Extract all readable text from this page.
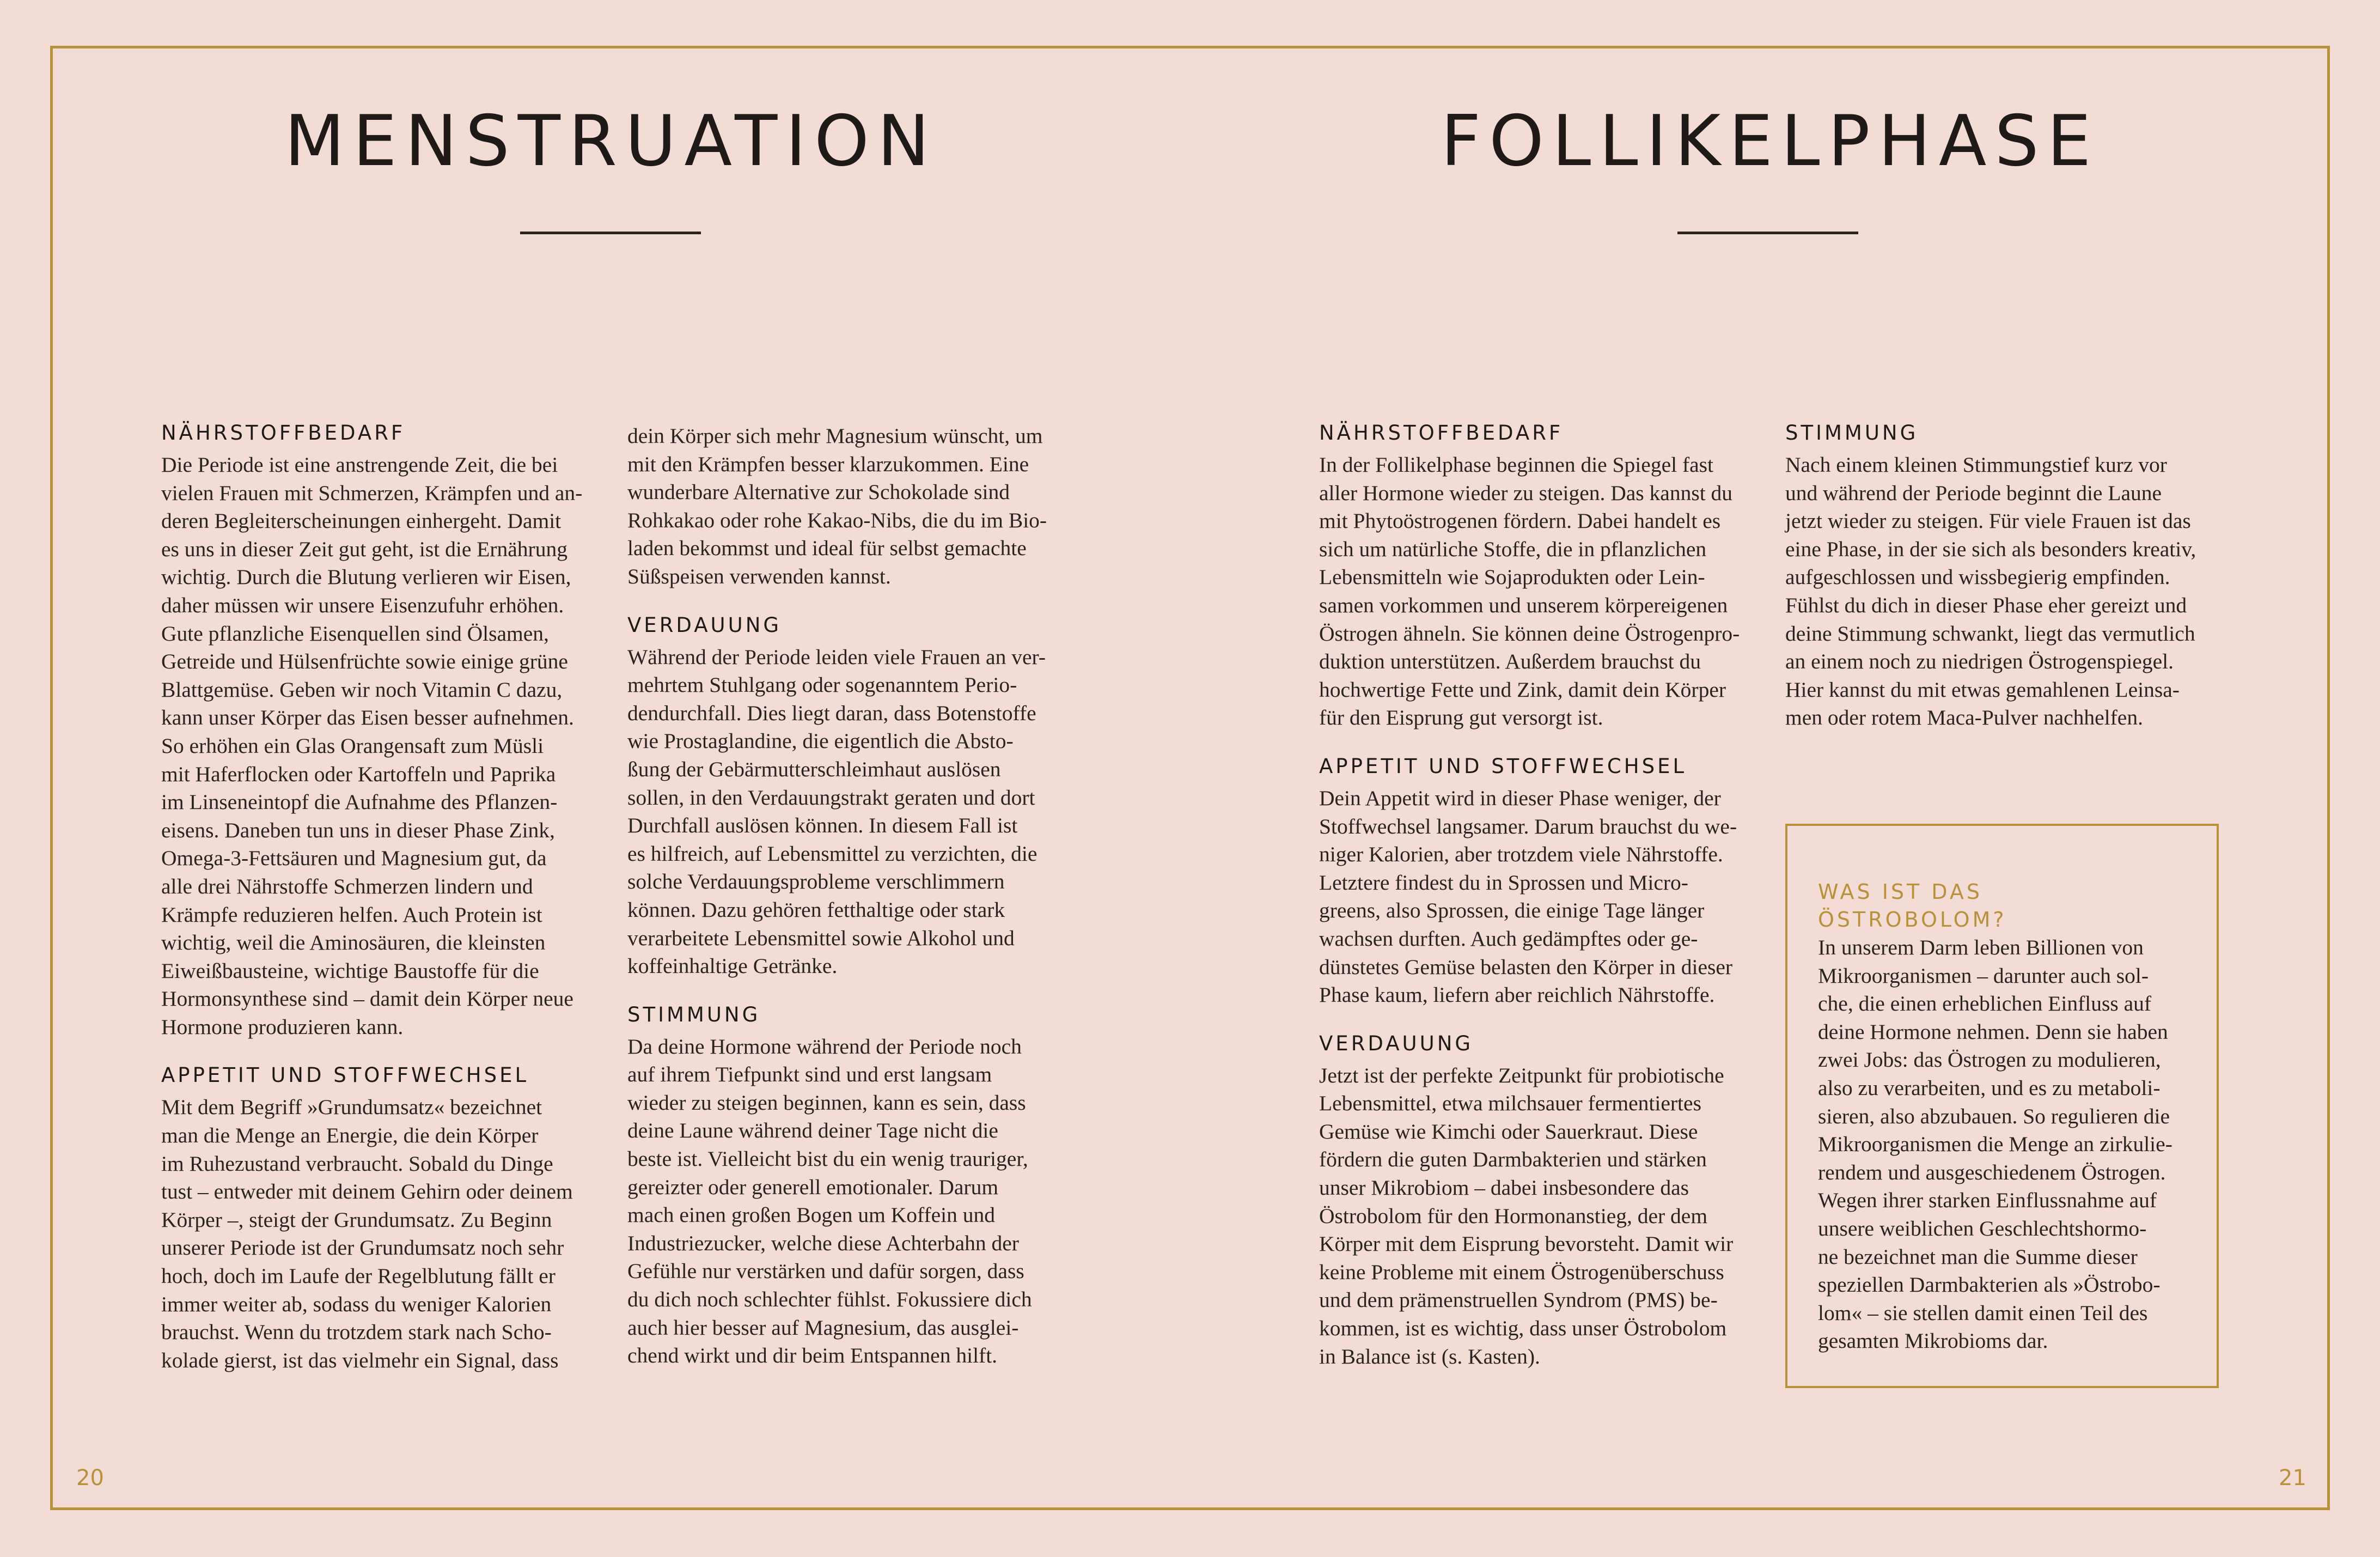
MENSTRUATION	FOLLIKELPHASE
NÄHRSTOFFBEDARF

Die Periode ist eine anstrengende Zeit, die bei
vielen Frauen mit Schmerzen, Krämpfen und an-
deren Begleiterscheinungen einhergeht. Damit
es uns in dieser Zeit gut geht, ist die Ernährung
wichtig. Durch die Blutung verlieren wir Eisen,
daher müssen wir unsere Eisenzufuhr erhöhen.
Gute pflanzliche Eisenquellen sind Ölsamen,
Getreide und Hülsenfrüchte sowie einige grüne
Blattgemüse. Geben wir noch Vitamin C dazu,
kann unser Körper das Eisen besser aufnehmen.
So erhöhen ein Glas Orangensaft zum Müsli
mit Haferflocken oder Kartoffeln und Paprika
im Linseneintopf die Aufnahme des Pflanzen-
eisens. Daneben tun uns in dieser Phase Zink,
Omega-3-Fettsäuren und Magnesium gut, da
alle drei Nährstoffe Schmerzen lindern und
Krämpfe reduzieren helfen. Auch Protein ist
wichtig, weil die Aminosäuren, die kleinsten
Eiweißbausteine, wichtige Baustoffe für die
Hormonsynthese sind – damit dein Körper neue
Hormone produzieren kann.

APPETIT UND STOFFWECHSEL

Mit dem Begriff »Grundumsatz« bezeichnet
man die Menge an Energie, die dein Körper
im Ruhezustand verbraucht. Sobald du Dinge
tust – entweder mit deinem Gehirn oder deinem
Körper –, steigt der Grundumsatz. Zu Beginn
unserer Periode ist der Grundumsatz noch sehr
hoch, doch im Laufe der Regelblutung fällt er
immer weiter ab, sodass du weniger Kalorien
brauchst. Wenn du trotzdem stark nach Scho-
kolade gierst, ist das vielmehr ein Signal, dass

dein Körper sich mehr Magnesium wünscht, um
mit den Krämpfen besser klarzukommen. Eine
wunderbare Alternative zur Schokolade sind
Rohkakao oder rohe Kakao-Nibs, die du im Bio-
laden bekommst und ideal für selbst gemachte
Süßspeisen verwenden kannst.

VERDAUUNG

Während der Periode leiden viele Frauen an ver-
mehrtem Stuhlgang oder sogenanntem Perio-
dendurchfall. Dies liegt daran, dass Botenstoffe
wie Prostaglandine, die eigentlich die Absto-
ßung der Gebärmutterschleimhaut auslösen
sollen, in den Verdauungstrakt geraten und dort
Durchfall auslösen können. In diesem Fall ist
es hilfreich, auf Lebensmittel zu verzichten, die
solche Verdauungsprobleme verschlimmern
können. Dazu gehören fetthaltige oder stark
verarbeitete Lebensmittel sowie Alkohol und
koffeinhaltige Getränke.

STIMMUNG

Da deine Hormone während der Periode noch
auf ihrem Tiefpunkt sind und erst langsam
wieder zu steigen beginnen, kann es sein, dass
deine Laune während deiner Tage nicht die
beste ist. Vielleicht bist du ein wenig trauriger,
gereizter oder generell emotionaler. Darum
mach einen großen Bogen um Koffein und
Industriezucker, welche diese Achterbahn der
Gefühle nur verstärken und dafür sorgen, dass
du dich noch schlechter fühlst. Fokussiere dich
auch hier besser auf Magnesium, das ausglei-
chend wirkt und dir beim Entspannen hilft.

NÄHRSTOFFBEDARF

In der Follikelphase beginnen die Spiegel fast
aller Hormone wieder zu steigen. Das kannst du
mit Phytoöstrogenen fördern. Dabei handelt es
sich um natürliche Stoffe, die in pflanzlichen
Lebensmitteln wie Sojaprodukten oder Lein-
samen vorkommen und unserem körpereigenen
Östrogen ähneln. Sie können deine Östrogenpro-
duktion unterstützen. Außerdem brauchst du
hochwertige Fette und Zink, damit dein Körper
für den Eisprung gut versorgt ist.

APPETIT UND STOFFWECHSEL

Dein Appetit wird in dieser Phase weniger, der
Stoffwechsel langsamer. Darum brauchst du we-
niger Kalorien, aber trotzdem viele Nährstoffe.
Letztere findest du in Sprossen und Micro-
greens, also Sprossen, die einige Tage länger
wachsen durften. Auch gedämpftes oder ge-
dünstetes Gemüse belasten den Körper in dieser
Phase kaum, liefern aber reichlich Nährstoffe.

VERDAUUNG

Jetzt ist der perfekte Zeitpunkt für probiotische
Lebensmittel, etwa milchsauer fermentiertes
Gemüse wie Kimchi oder Sauerkraut. Diese
fördern die guten Darmbakterien und stärken
unser Mikrobiom – dabei insbesondere das
Östrobolom für den Hormonanstieg, der dem
Körper mit dem Eisprung bevorsteht. Damit wir
keine Probleme mit einem Östrogenüberschuss
und dem prämenstruellen Syndrom (PMS) be-
kommen, ist es wichtig, dass unser Östrobolom
in Balance ist (s. Kasten).

STIMMUNG

Nach einem kleinen Stimmungstief kurz vor
und während der Periode beginnt die Laune
jetzt wieder zu steigen. Für viele Frauen ist das
eine Phase, in der sie sich als besonders kreativ,
aufgeschlossen und wissbegierig empfinden.
Fühlst du dich in dieser Phase eher gereizt und
deine Stimmung schwankt, liegt das vermutlich
an einem noch zu niedrigen Östrogenspiegel.
Hier kannst du mit etwas gemahlenen Leinsa-
men oder rotem Maca-Pulver nachhelfen.

WAS IST DAS
ÖSTROBOLOM?

In unserem Darm leben Billionen von
Mikroorganismen – darunter auch sol-
che, die einen erheblichen Einfluss auf
deine Hormone nehmen. Denn sie haben
zwei Jobs: das Östrogen zu modulieren,
also zu verarbeiten, und es zu metaboli-
sieren, also abzubauen. So regulieren die
Mikroorganismen die Menge an zirkulie-
rendem und ausgeschiedenem Östrogen.
Wegen ihrer starken Einflussnahme auf
unsere weiblichen Geschlechtshormo-
ne bezeichnet man die Summe dieser
speziellen Darmbakterien als »Östrobo-
lom« – sie stellen damit einen Teil des
gesamten Mikrobioms dar.

20	21
